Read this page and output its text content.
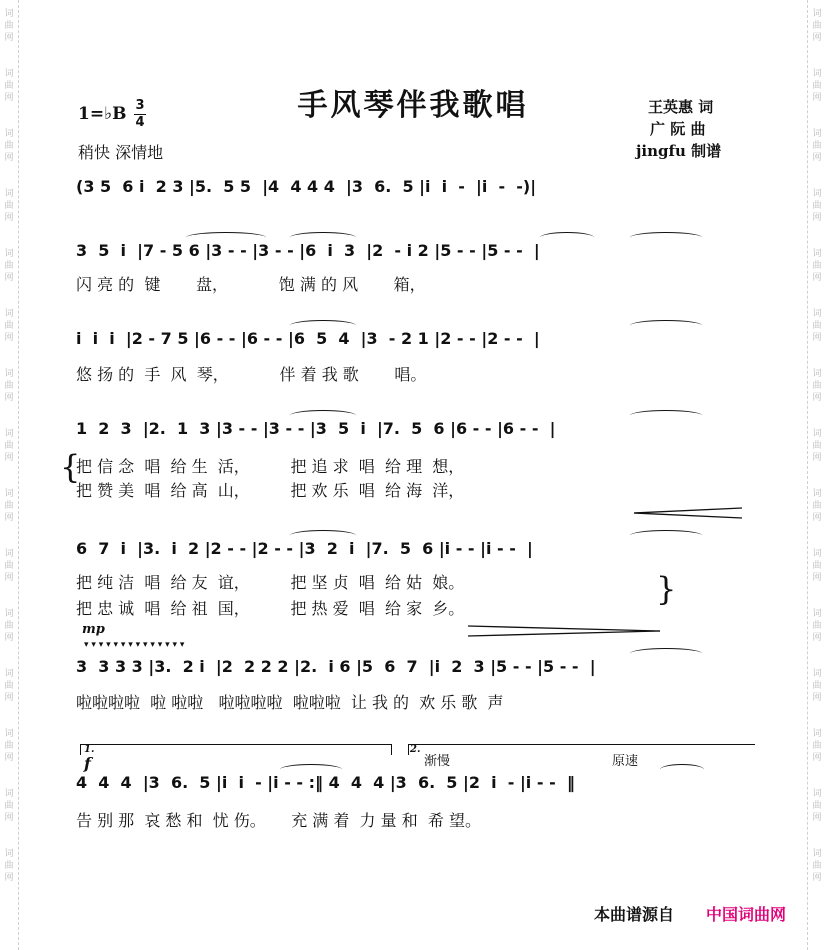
词
曲
网
词
曲
网
词
曲
网
词
曲
网
词
曲
网
词
曲
网
词
曲
网
词
曲
网
词
曲
网
词
曲
网
词
曲
网
词
曲
网
词
曲
网
词
曲
网
词
曲
网
词
曲
网
词
曲
网
词
曲
网
词
曲
网
词
曲
网
词
曲
网
词
曲
网
词
曲
网
词
曲
网
词
曲
网
词
曲
网
词
曲
网
词
曲
网
词
曲
网
词
曲
网
手风琴伴我歌唱
1=♭B $\frac{3}{4}$
稍快 深情地
王英惠 词
广 阮 曲
jingfu 制谱
(3 5  6 i  2 3 |5.  5 5  |4  4 4 4  |3  6.  5 |i  i  -  |i  -  -)|
3  5  i  |7 - 5 6 |3 - - |3 - - |6  i  3  |2  - i 2 |5 - - |5 - -  |
闪 亮 的  键       盘，          饱 满 的 风       箱，
i  i  i  |2 - 7 5 |6 - - |6 - - |6  5  4  |3  - 2 1 |2 - - |2 - -  |
悠 扬 的  手  风  琴，          伴 着 我 歌       唱。
1  2  3  |2.  1  3 |3 - - |3 - - |3  5  i  |7.  5  6 |6 - - |6 - -  |
{
把 信 念  唱  给 生  活，        把 追 求  唱  给 理  想，
把 赞 美  唱  给 高  山，        把 欢 乐  唱  给 海  洋，
6  7  i  |3.  i  2 |2 - - |2 - - |3  2  i  |7.  5  6 |i - - |i - -  |
把 纯 洁  唱  给 友  谊，        把 坚 贞  唱  给 姑  娘。
把 忠 诚  唱  给 祖  国，        把 热 爱  唱  给 家  乡。
}
mp
▾ ▾ ▾ ▾ ▾ ▾ ▾ ▾ ▾ ▾ ▾ ▾ ▾ ▾
3  3 3 3 |3.  2 i  |2  2 2 2 |2.  i 6 |5  6  7  |i  2  3 |5 - - |5 - -  |
啦啦啦啦  啦 啦啦   啦啦啦啦  啦啦啦  让 我 的  欢 乐 歌  声
1.
f
2.
渐慢	原速
4  4  4  |3  6.  5 |i  i  - |i - - :‖ 4  4  4 |3  6.  5 |2  i  - |i - -  ‖
告 别 那  哀 愁 和  忧 伤。     充 满 着  力 量 和  希 望。
本曲谱源自 中国词曲网
